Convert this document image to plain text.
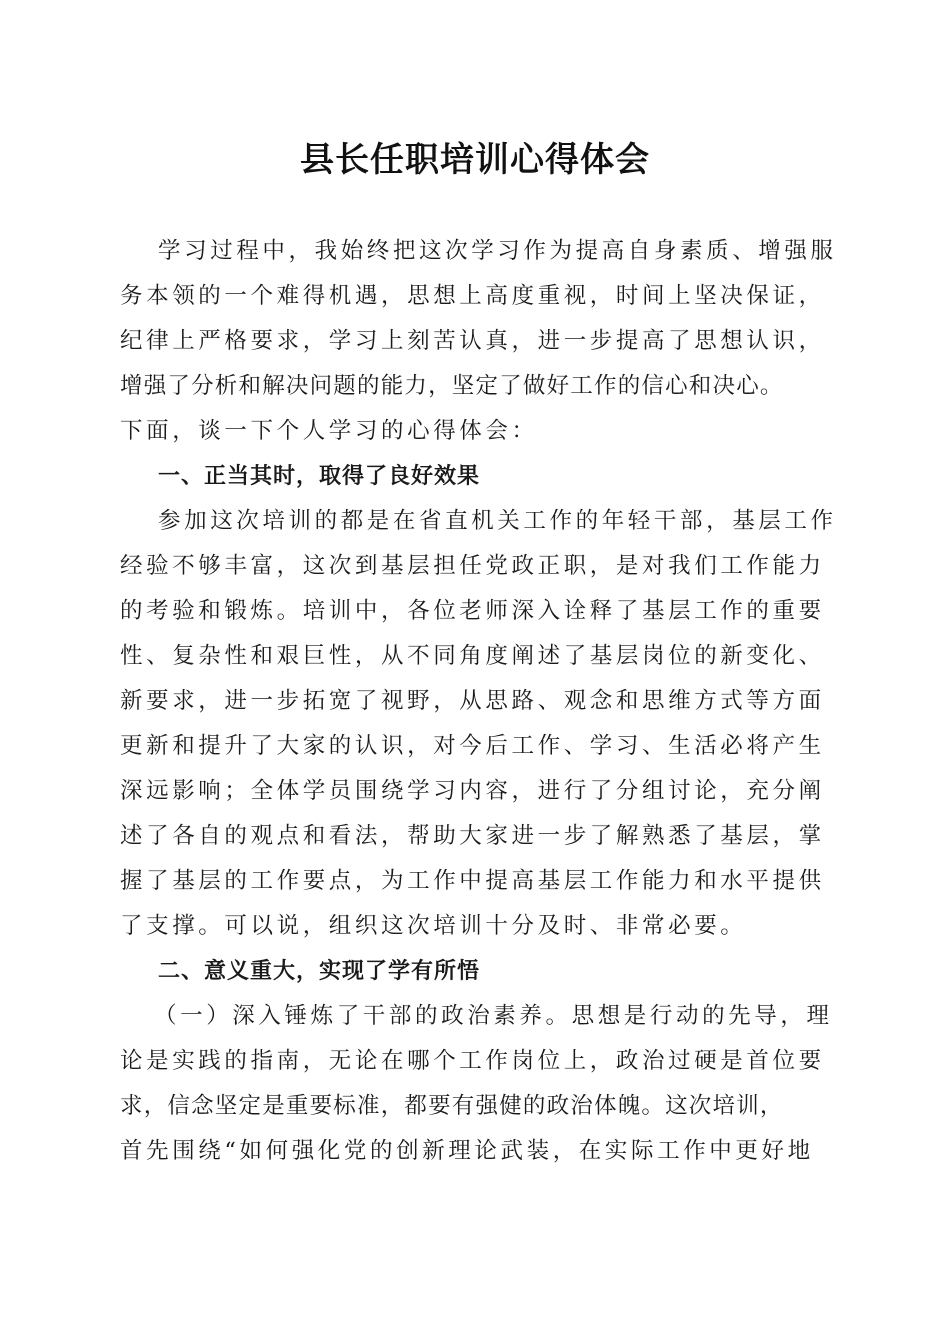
县长任职培训心得体会
学习过程中，我始终把这次学习作为提高自身素质、增强服
务本领的一个难得机遇，思想上高度重视，时间上坚决保证，
纪律上严格要求，学习上刻苦认真，进一步提高了思想认识，
增强了分析和解决问题的能力，坚定了做好工作的信心和决心。
下面，谈一下个人学习的心得体会：
一、正当其时，取得了良好效果
参加这次培训的都是在省直机关工作的年轻干部，基层工作
经验不够丰富，这次到基层担任党政正职，是对我们工作能力
的考验和锻炼。培训中，各位老师深入诠释了基层工作的重要
性、复杂性和艰巨性，从不同角度阐述了基层岗位的新变化、
新要求，进一步拓宽了视野，从思路、观念和思维方式等方面
更新和提升了大家的认识，对今后工作、学习、生活必将产生
深远影响；全体学员围绕学习内容，进行了分组讨论，充分阐
述了各自的观点和看法，帮助大家进一步了解熟悉了基层，掌
握了基层的工作要点，为工作中提高基层工作能力和水平提供
了支撑。可以说，组织这次培训十分及时、非常必要。
二、意义重大，实现了学有所悟
（一）深入锤炼了干部的政治素养。思想是行动的先导，理
论是实践的指南，无论在哪个工作岗位上，政治过硬是首位要
求，信念坚定是重要标准，都要有强健的政治体魄。这次培训，
首先围绕“如何强化党的创新理论武装，在实际工作中更好地
